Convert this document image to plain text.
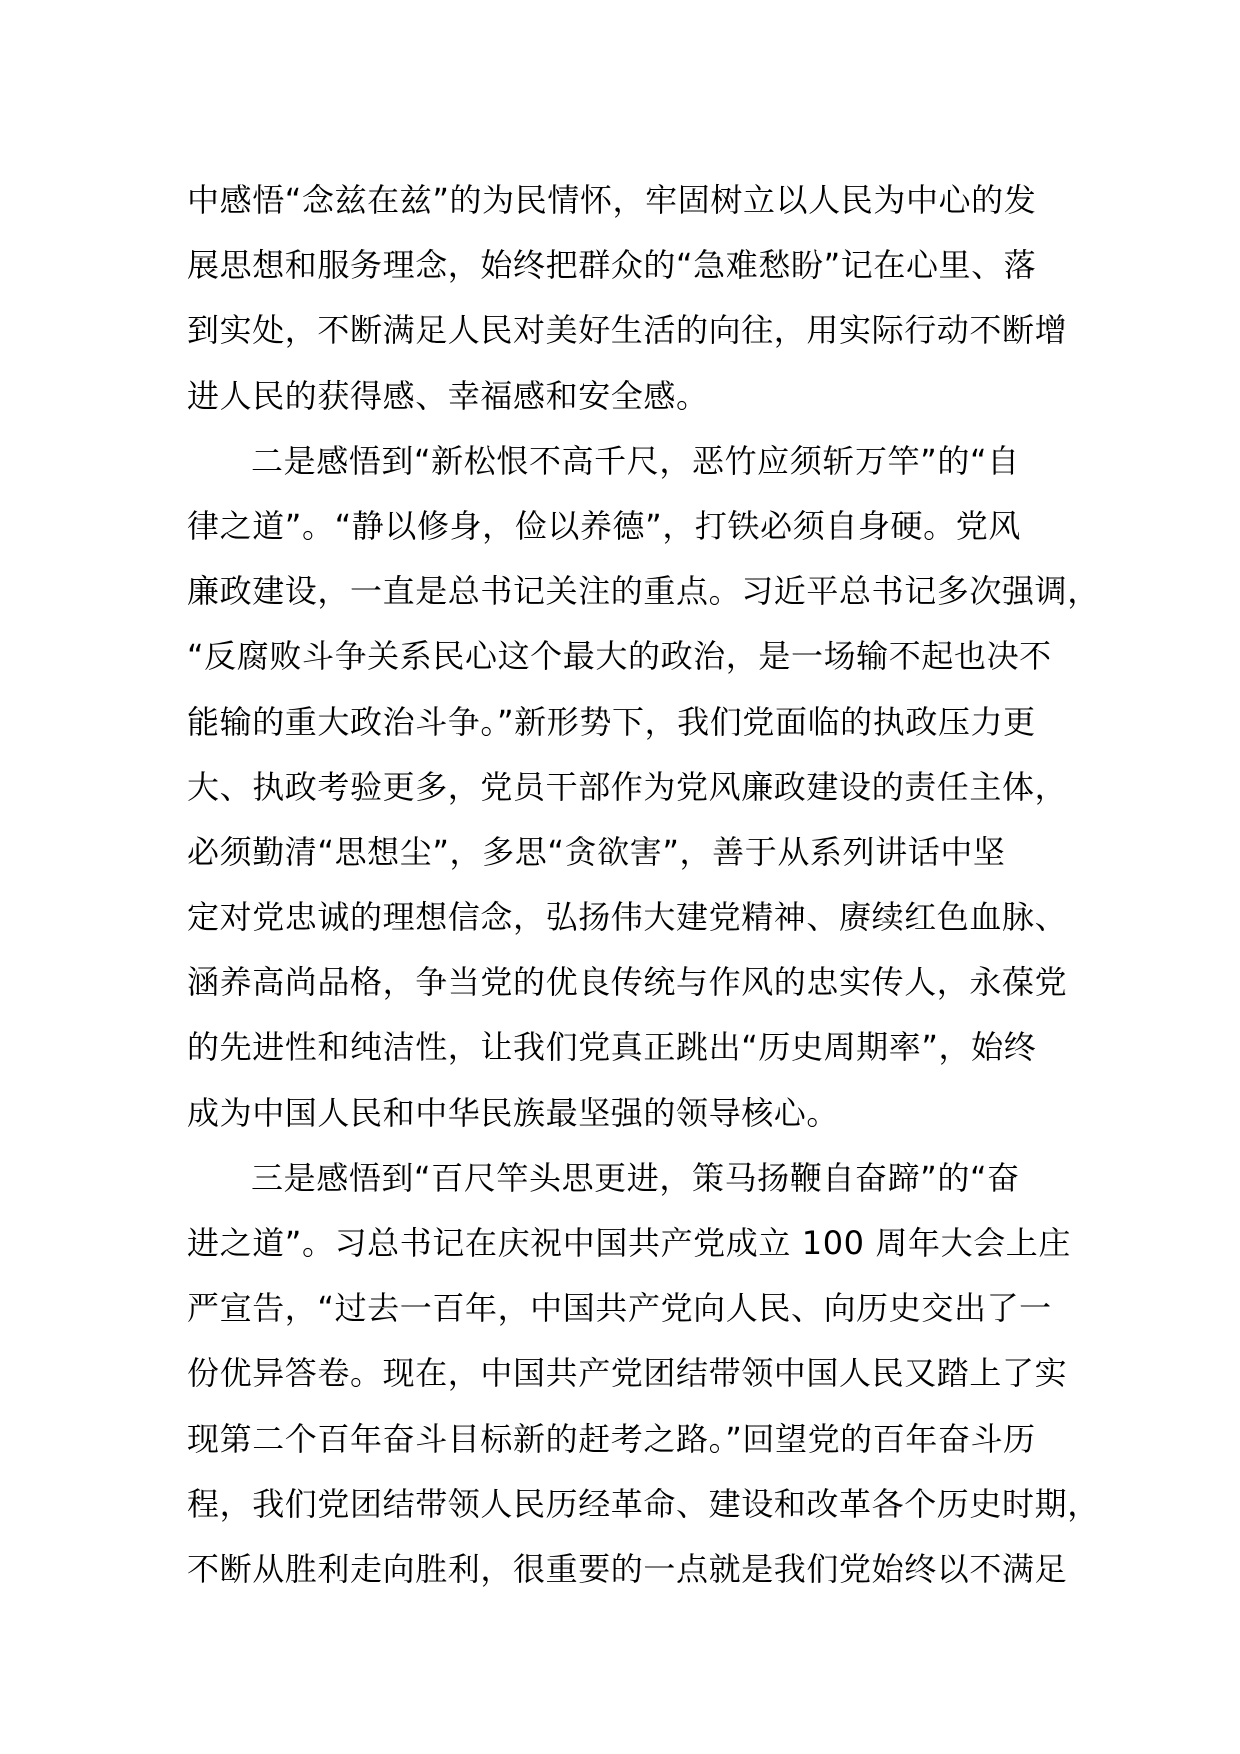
中感悟“念兹在兹”的为民情怀，牢固树立以人民为中心的发
展思想和服务理念，始终把群众的“急难愁盼”记在心里、落
到实处，不断满足人民对美好生活的向往，用实际行动不断增
进人民的获得感、幸福感和安全感。
二是感悟到“新松恨不高千尺，恶竹应须斩万竿”的“自
律之道”。“静以修身，俭以养德”，打铁必须自身硬。党风
廉政建设，一直是总书记关注的重点。习近平总书记多次强调，
“反腐败斗争关系民心这个最大的政治，是一场输不起也决不
能输的重大政治斗争。”新形势下，我们党面临的执政压力更
大、执政考验更多，党员干部作为党风廉政建设的责任主体，
必须勤清“思想尘”，多思“贪欲害”，善于从系列讲话中坚
定对党忠诚的理想信念，弘扬伟大建党精神、赓续红色血脉、
涵养高尚品格，争当党的优良传统与作风的忠实传人，永葆党
的先进性和纯洁性，让我们党真正跳出“历史周期率”，始终
成为中国人民和中华民族最坚强的领导核心。
三是感悟到“百尺竿头思更进，策马扬鞭自奋蹄”的“奋
进之道”。习总书记在庆祝中国共产党成立 100 周年大会上庄
严宣告，“过去一百年，中国共产党向人民、向历史交出了一
份优异答卷。现在，中国共产党团结带领中国人民又踏上了实
现第二个百年奋斗目标新的赶考之路。”回望党的百年奋斗历
程，我们党团结带领人民历经革命、建设和改革各个历史时期，
不断从胜利走向胜利，很重要的一点就是我们党始终以不满足
